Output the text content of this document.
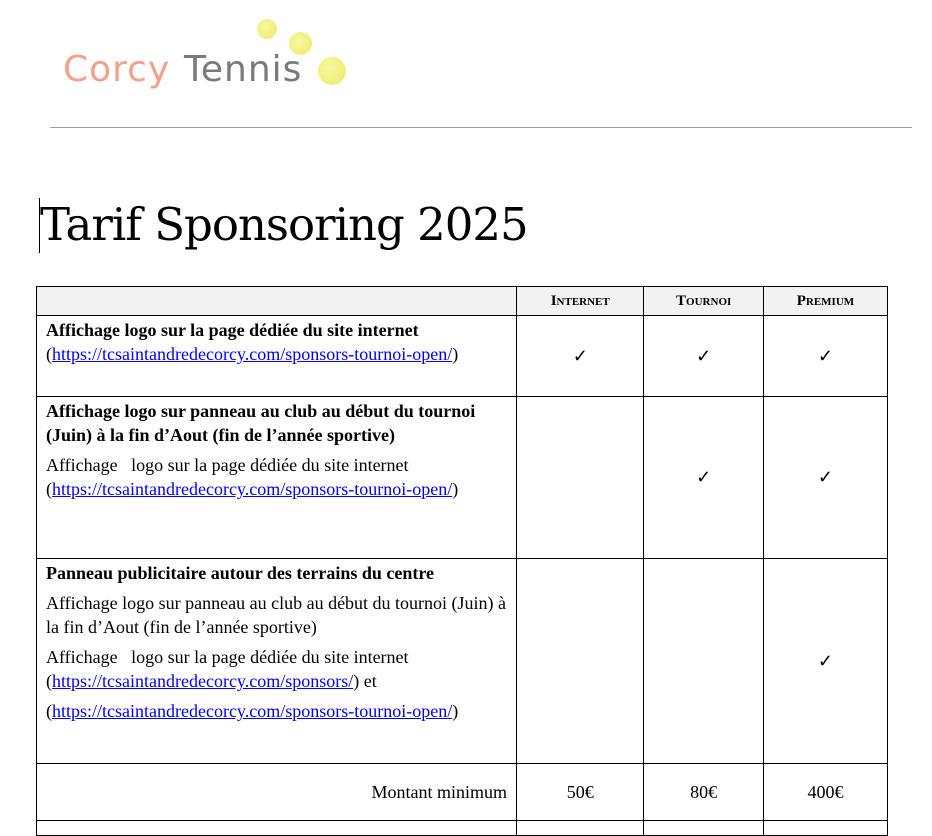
Corcy Tennis
Tarif Sponsoring 2025
	Internet	Tournoi	Premium

Affichage logo sur la page dédiée du site internet

(https://tcsaintandredecorcy.com/sponsors-tournoi-open/)	✓	✓	✓

Affichage logo sur panneau au club au début du tournoi (Juin) à la fin d’Aout (fin de l’année sportive)

Affichage   logo sur la page dédiée du site internet

(https://tcsaintandredecorcy.com/sponsors-tournoi-open/)		✓	✓

Panneau publicitaire autour des terrains du centre

Affichage logo sur panneau au club au début du tournoi (Juin) à la fin d’Aout (fin de l’année sportive)

Affichage   logo sur la page dédiée du site internet

(https://tcsaintandredecorcy.com/sponsors/) et

(https://tcsaintandredecorcy.com/sponsors-tournoi-open/)			✓
Montant minimum	50€	80€	400€
